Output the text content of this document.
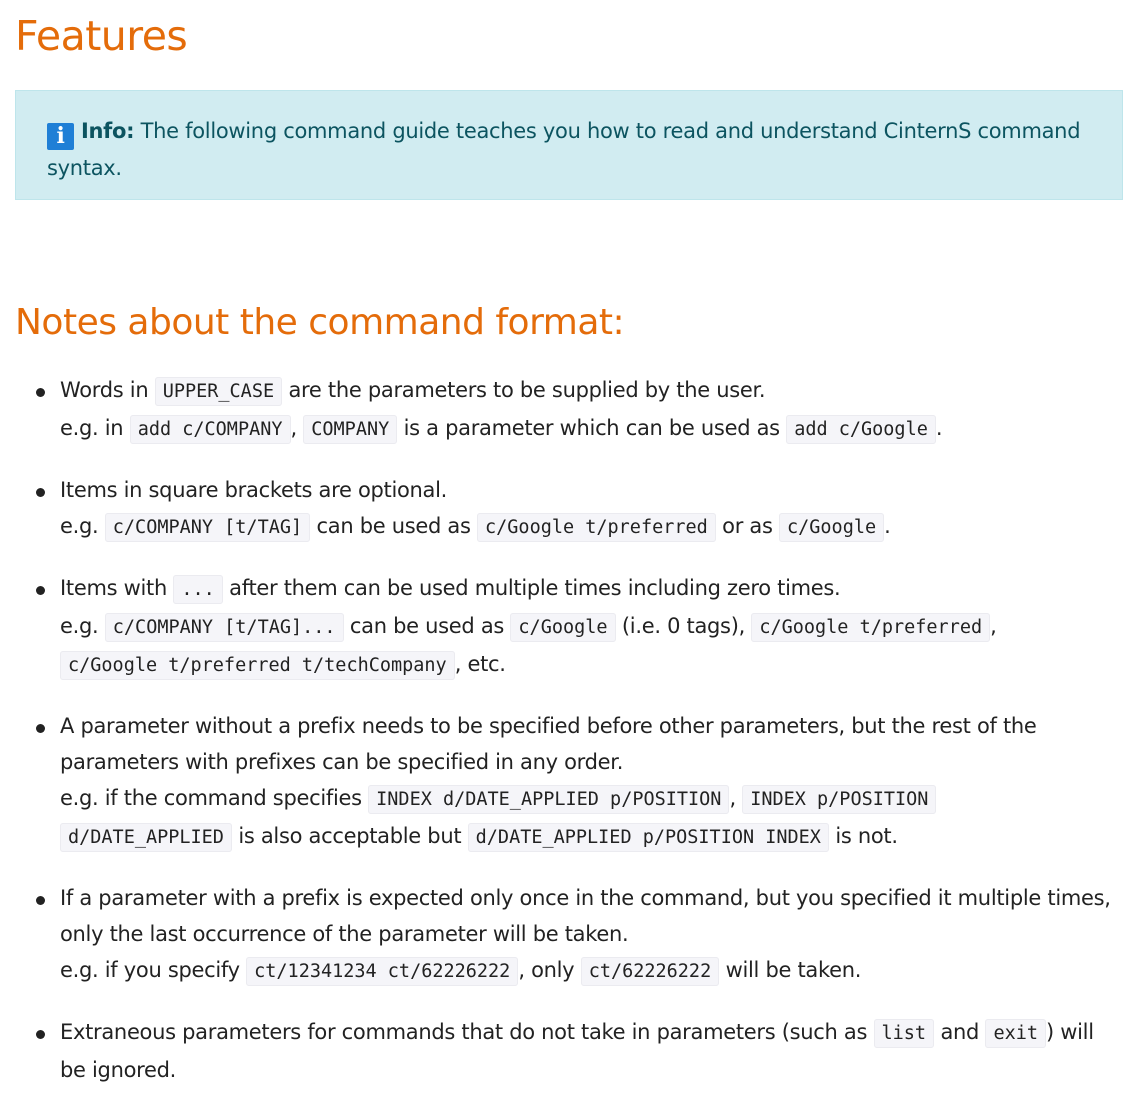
Features
i Info: The following command guide teaches you how to read and understand CinternS command syntax.
Notes about the command format:
Words in UPPER_CASE are the parameters to be supplied by the user.
e.g. in add c/COMPANY , COMPANY is a parameter which can be used as add c/Google .
Items in square brackets are optional.
e.g. c/COMPANY [t/TAG] can be used as c/Google t/preferred or as c/Google .
Items with ... after them can be used multiple times including zero times.
e.g. c/COMPANY [t/TAG]... can be used as c/Google (i.e. 0 tags), c/Google t/preferred ,
c/Google t/preferred t/techCompany , etc.
A parameter without a prefix needs to be specified before other parameters, but the rest of the parameters with prefixes can be specified in any order.
e.g. if the command specifies INDEX d/DATE_APPLIED p/POSITION , INDEX p/POSITION
d/DATE_APPLIED is also acceptable but d/DATE_APPLIED p/POSITION INDEX is not.
If a parameter with a prefix is expected only once in the command, but you specified it multiple times, only the last occurrence of the parameter will be taken.
e.g. if you specify ct/12341234 ct/62226222 , only ct/62226222 will be taken.
Extraneous parameters for commands that do not take in parameters (such as list and exit ) will be ignored.
